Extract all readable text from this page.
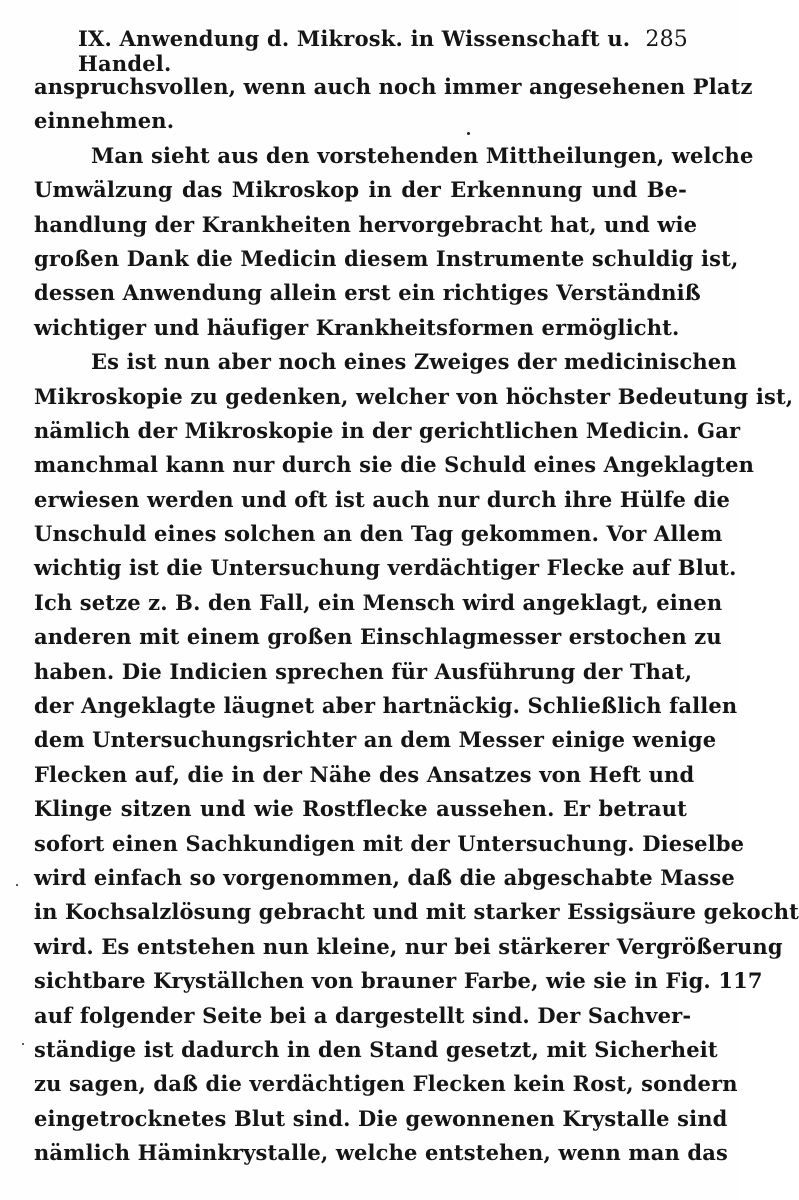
IX. Anwendung d. Mikrosk. in Wissenschaft u. Handel.
285
anspruchsvollen, wenn auch noch immer angesehenen Platz
einnehmen.
Man sieht aus den vorstehenden Mittheilungen, welche
Umwälzung das Mikroskop in der Erkennung und Be-
handlung der Krankheiten hervorgebracht hat, und wie
großen Dank die Medicin diesem Instrumente schuldig ist,
dessen Anwendung allein erst ein richtiges Verständniß
wichtiger und häufiger Krankheitsformen ermöglicht.
Es ist nun aber noch eines Zweiges der medicinischen
Mikroskopie zu gedenken, welcher von höchster Bedeutung ist,
nämlich der Mikroskopie in der gerichtlichen Medicin. Gar
manchmal kann nur durch sie die Schuld eines Angeklagten
erwiesen werden und oft ist auch nur durch ihre Hülfe die
Unschuld eines solchen an den Tag gekommen. Vor Allem
wichtig ist die Untersuchung verdächtiger Flecke auf Blut.
Ich setze z. B. den Fall, ein Mensch wird angeklagt, einen
anderen mit einem großen Einschlagmesser erstochen zu
haben. Die Indicien sprechen für Ausführung der That,
der Angeklagte läugnet aber hartnäckig. Schließlich fallen
dem Untersuchungsrichter an dem Messer einige wenige
Flecken auf, die in der Nähe des Ansatzes von Heft und
Klinge sitzen und wie Rostflecke aussehen. Er betraut
sofort einen Sachkundigen mit der Untersuchung. Dieselbe
wird einfach so vorgenommen, daß die abgeschabte Masse
in Kochsalzlösung gebracht und mit starker Essigsäure gekocht
wird. Es entstehen nun kleine, nur bei stärkerer Vergrößerung
sichtbare Kryställchen von brauner Farbe, wie sie in Fig. 117
auf folgender Seite bei a dargestellt sind. Der Sachver-
ständige ist dadurch in den Stand gesetzt, mit Sicherheit
zu sagen, daß die verdächtigen Flecken kein Rost, sondern
eingetrocknetes Blut sind. Die gewonnenen Krystalle sind
nämlich Häminkrystalle, welche entstehen, wenn man das
